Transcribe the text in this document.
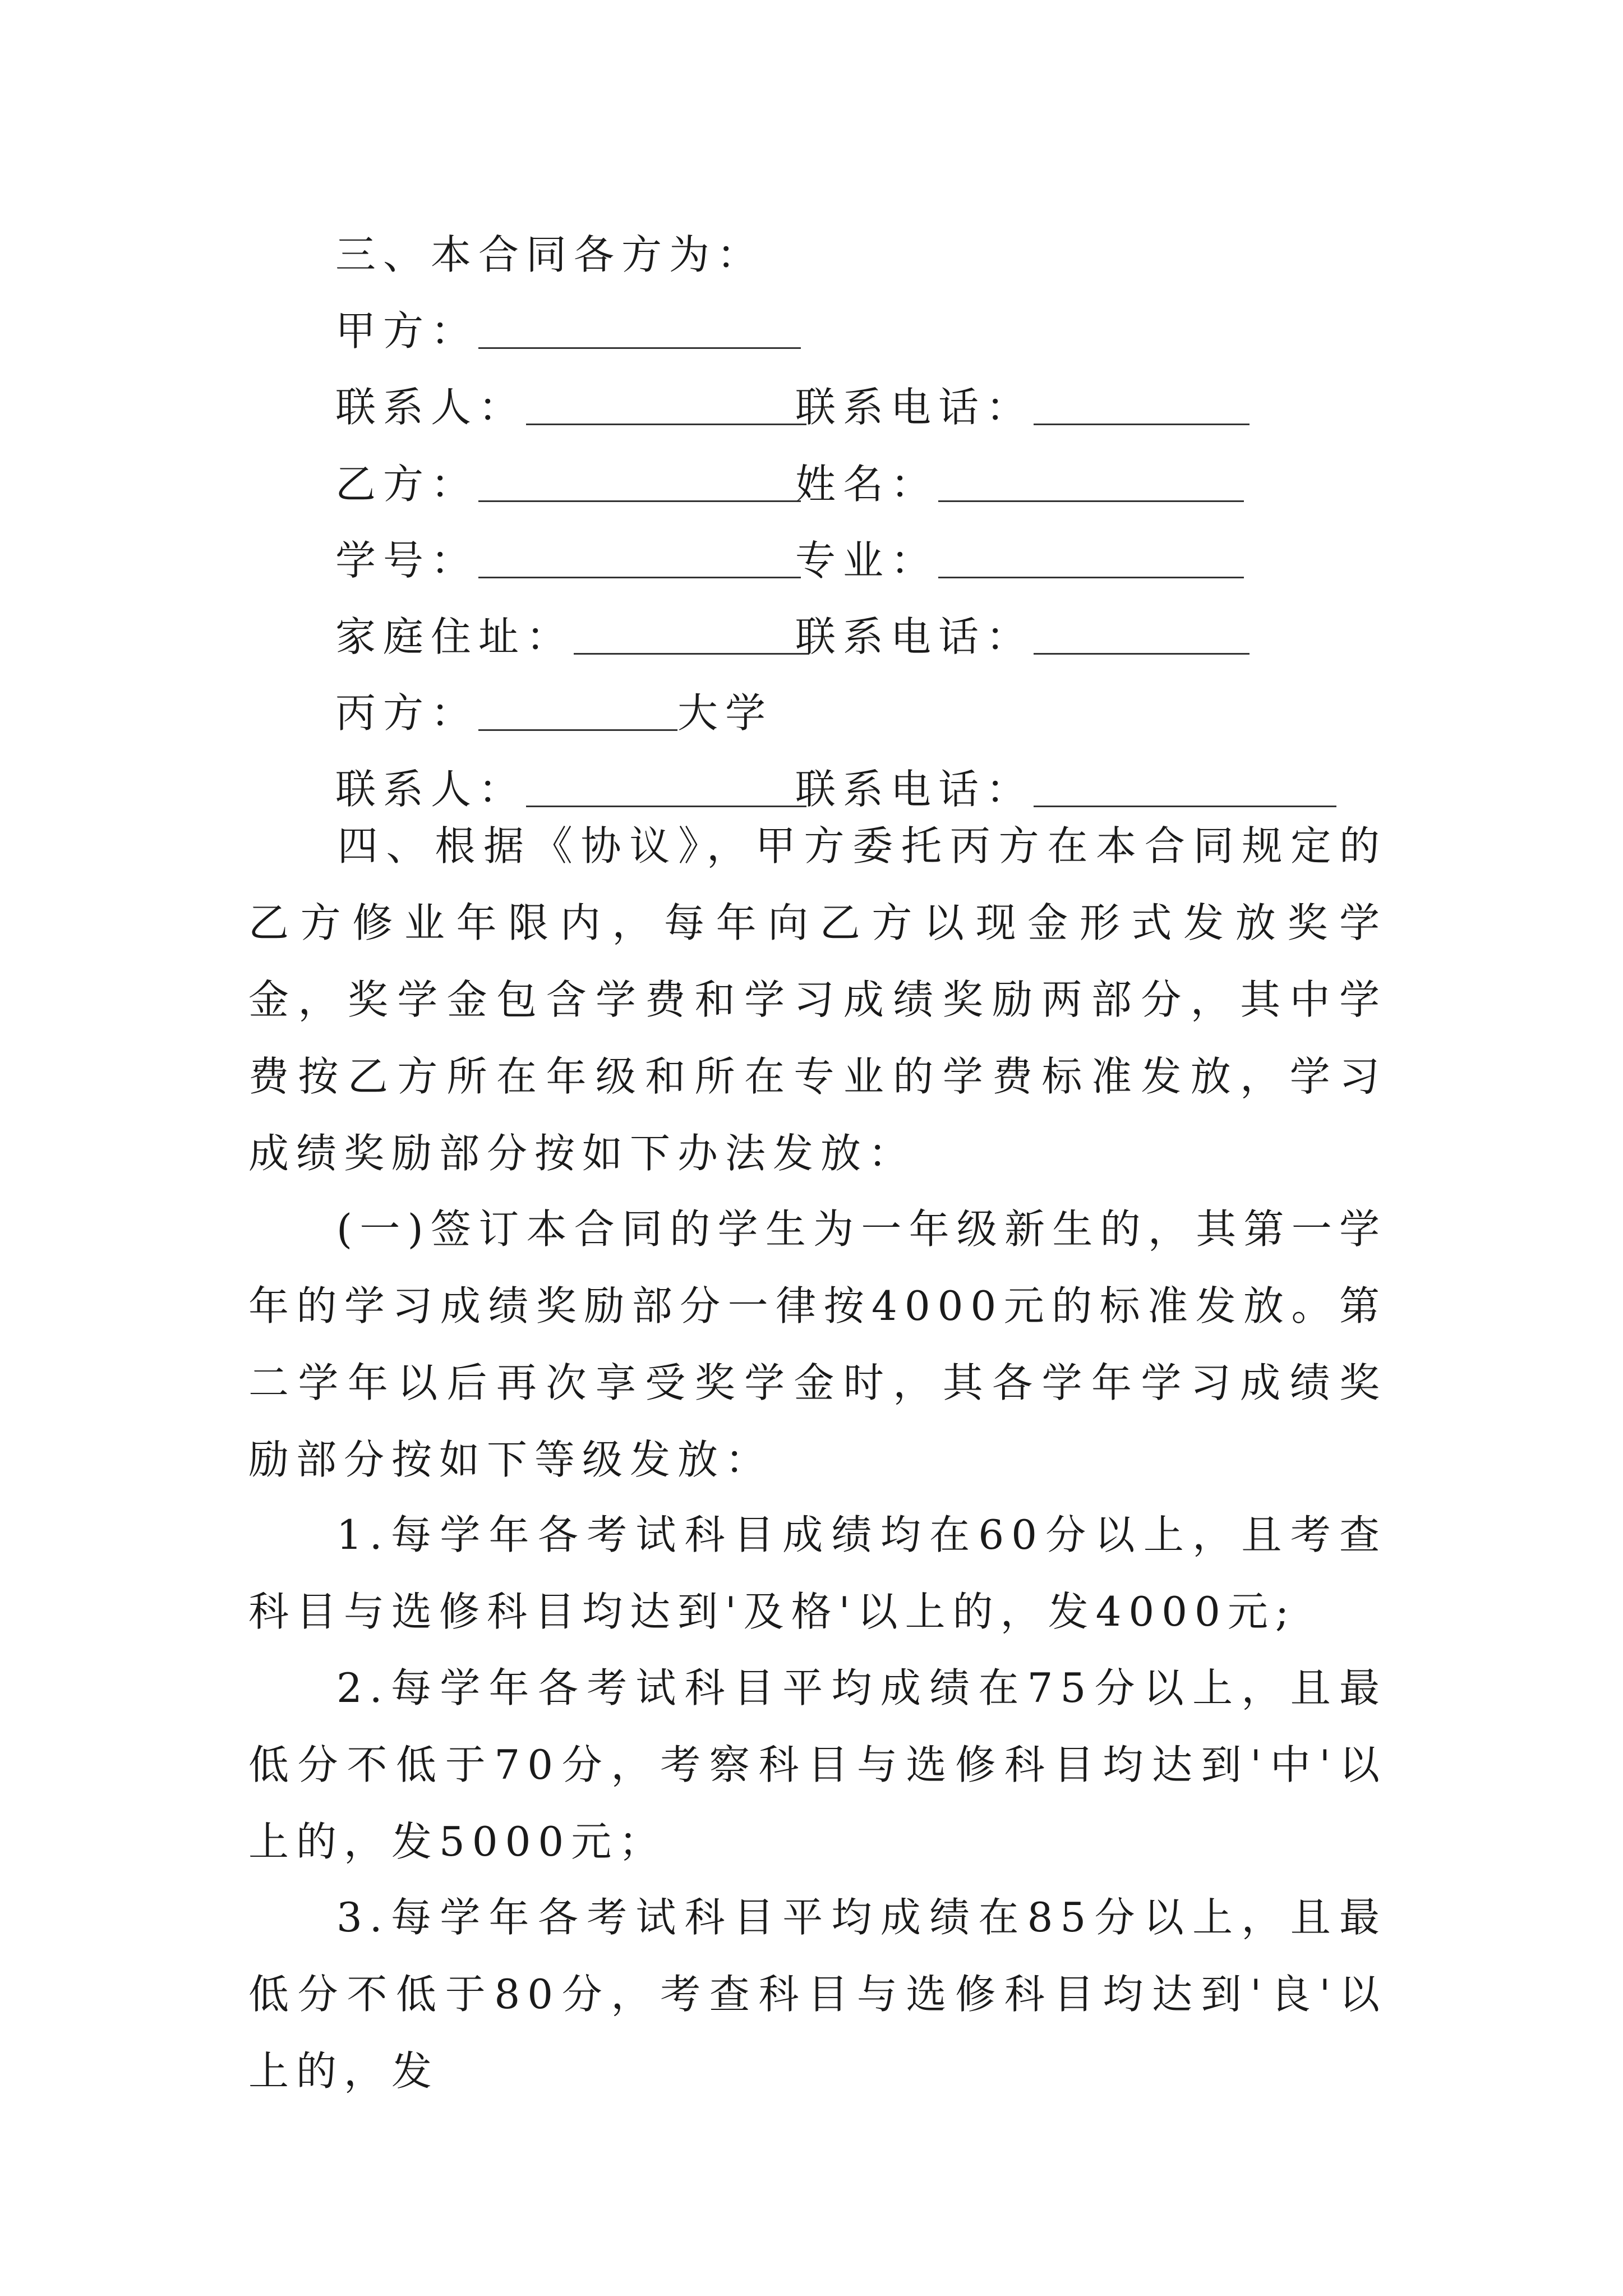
三、本合同各方为：
甲方：
联系人：	联系电话：
乙方：	姓名：
学号：	专业：
家庭住址：	联系电话：
丙方：	大学
联系人：	联系电话：

四、根据《协议》，甲方委托丙方在本合同规定的乙方修业年限内，每年向乙方以现金形式发放奖学金，奖学金包含学费和学习成绩奖励两部分，其中学费按乙方所在年级和所在专业的学费标准发放，学习成绩奖励部分按如下办法发放：

(一)签订本合同的学生为一年级新生的，其第一学年的学习成绩奖励部分一律按4000元的标准发放。第二学年以后再次享受奖学金时，其各学年学习成绩奖励部分按如下等级发放：

1.每学年各考试科目成绩均在60分以上，且考查科目与选修科目均达到'及格'以上的，发4000元;

2.每学年各考试科目平均成绩在75分以上，且最低分不低于70分，考察科目与选修科目均达到'中'以上的，发5000元；

3.每学年各考试科目平均成绩在85分以上，且最低分不低于80分，考查科目与选修科目均达到'良'以上的，发
